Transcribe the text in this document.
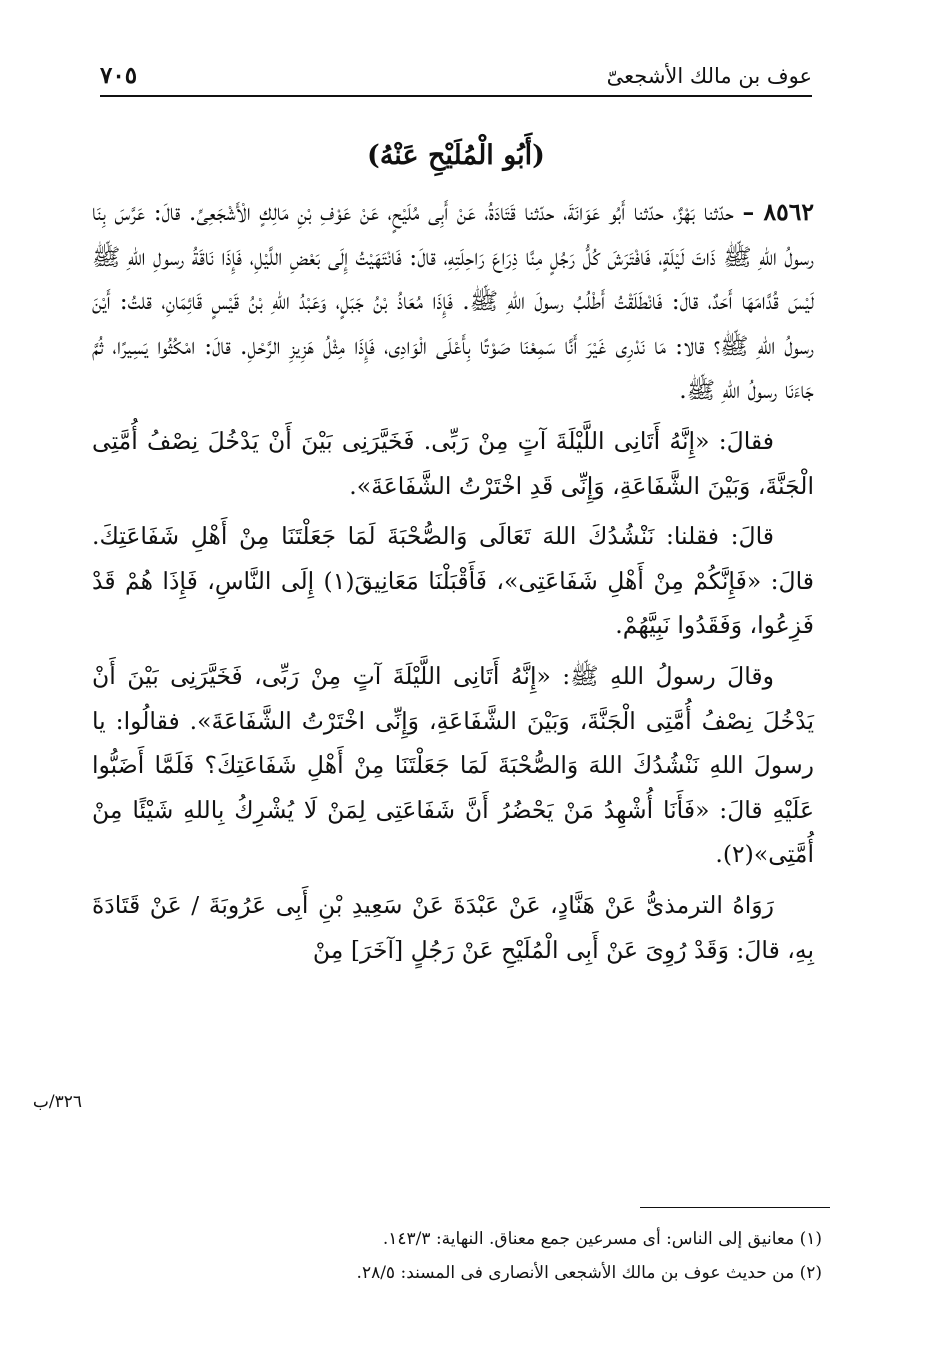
عوف بن مالك الأشجعىّ
٧٠٥
(أَبُو الْمُلَيْحِ عَنْهُ)

٨٥٦٢ – حدّثنا بَهْزٌ، حدّثنا أَبُو عَوَانَةَ، حدّثنا قَتَادَةُ، عَنْ أَبِى مُلَيْحٍ، عَنْ عَوْفِ بْنِ مَالِكٍ الْأَشْجَعِىِّ. قالَ: عَرَّسَ بِنَا رسولُ اللهِ ﷺ ذَاتَ لَيْلَةٍ، فَافْتَرَشَ كُلُّ رَجُلٍ مِنَّا ذِرَاعَ رَاحِلَتِهِ، قالَ: فَانْتَهَيْتُ إِلَى بَعْضِ اللَّيْلِ، فَإِذَا نَاقَةُ رسولِ اللهِ ﷺ لَيْسَ قُدَّامَهَا أَحَدٌ، قالَ: فَانْطَلَقْتُ أَطْلُبُ رسولَ اللهِ ﷺ. فَإِذَا مُعَاذُ بْنُ جَبَلٍ، وَعَبْدُ اللهِ بْنُ قَيْسٍ قَائِمَانِ، قلتُ: أَيْنَ رسولُ اللهِ ﷺ؟ قالا: مَا نَدْرِى غَيْرَ أَنَّا سَمِعْنَا صَوْتًا بِأَعْلَى الْوَادِى، فَإِذَا مِثْلُ هَزِيزِ الرَّحْلِ. قالَ: امْكُثُوا يَسِيرًا، ثُمَّ جَاءَنَا رسولُ اللهِ ﷺ.

فقالَ: «إِنَّهُ أَتَانِى اللَّيْلَةَ آتٍ مِنْ رَبِّى. فَخَيَّرَنِى بَيْنَ أَنْ يَدْخُلَ نِصْفُ أُمَّتِى الْجَنَّةَ، وَبَيْنَ الشَّفَاعَةِ، وَإِنِّى قَدِ اخْتَرْتُ الشَّفَاعَةَ».

قالَ: فقلنا: نَنْشُدُكَ اللهَ تَعَالَى وَالصُّحْبَةَ لَمَا جَعَلْتَنَا مِنْ أَهْلِ شَفَاعَتِكَ. قالَ: «فَإِنَّكُمْ مِنْ أَهْلِ شَفَاعَتِى»، فَأَقْبَلْنَا مَعَانِيقَ(١) إِلَى النَّاسِ، فَإِذَا هُمْ قَدْ فَزِعُوا، وَفَقَدُوا نَبِيَّهُمْ.

وقالَ رسولُ اللهِ ﷺ: «إِنَّهُ أَتَانِى اللَّيْلَةَ آتٍ مِنْ رَبِّى، فَخَيَّرَنِى بَيْنَ أَنْ يَدْخُلَ نِصْفُ أُمَّتِى الْجَنَّةَ، وَبَيْنَ الشَّفَاعَةِ، وَإِنِّى اخْتَرْتُ الشَّفَاعَةَ». فقالُوا: يا رسولَ اللهِ نَنْشُدُكَ اللهَ وَالصُّحْبَةَ لَمَا جَعَلْتَنَا مِنْ أَهْلِ شَفَاعَتِكَ؟ فَلَمَّا أَضَبُّوا عَلَيْهِ قالَ: «فَأَنَا أُشْهِدُ مَنْ يَحْضُرُ أَنَّ شَفَاعَتِى لِمَنْ لَا يُشْرِكُ بِاللهِ شَيْئًا مِنْ أُمَّتِى»(٢).

رَوَاهُ الترمذىُّ عَنْ هَنَّادٍ، عَنْ عَبْدَةَ عَنْ سَعِيدِ بْنِ أَبِى عَرُوبَةَ / عَنْ قَتَادَةَ بِهِ، قالَ: وَقَدْ رُوِىَ عَنْ أَبِى الْمُلَيْحِ عَنْ رَجُلٍ [آخَرَ] مِنْ

٣٢٦/ب

(١) معانيق إلى الناس: أى مسرعين جمع معناق. النهاية: ١٤٣/٣.

(٢) من حديث عوف بن مالك الأشجعى الأنصارى فى المسند: ٢٨/٥.
